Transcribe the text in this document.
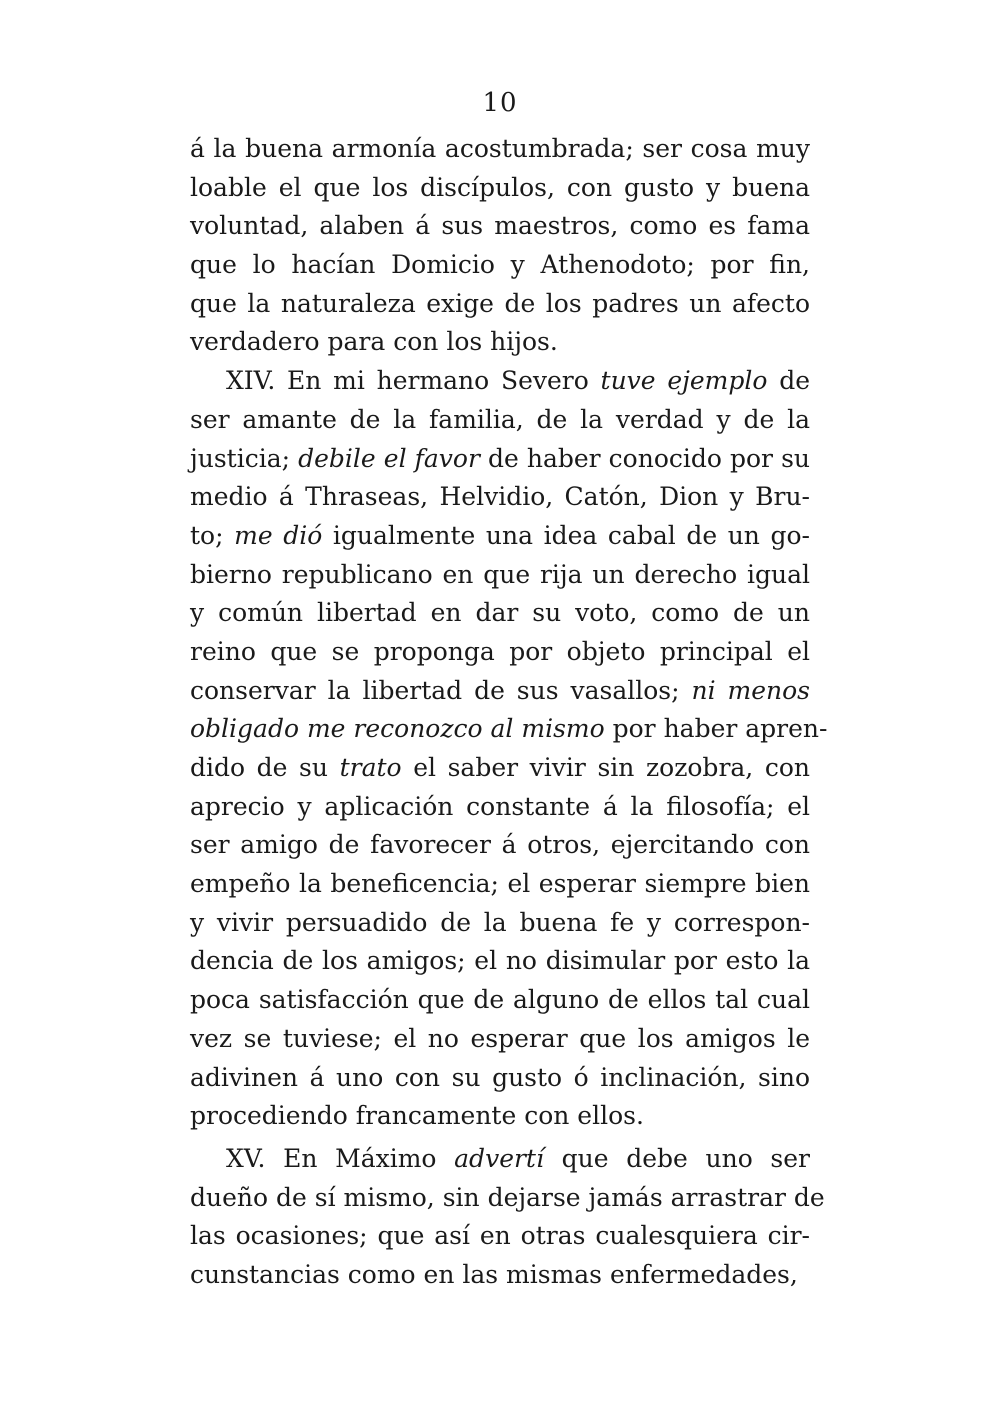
10
á la buena armonía acostumbrada; ser cosa muy
loable el que los discípulos, con gusto y buena
voluntad, alaben á sus maestros, como es fama
que lo hacían Domicio y Athenodoto; por fin,
que la naturaleza exige de los padres un afecto
verdadero para con los hijos.
XIV. En mi hermano Severo tuve ejemplo de
ser amante de la familia, de la verdad y de la
justicia; debile el favor de haber conocido por su
medio á Thraseas, Helvidio, Catón, Dion y Bru-
to; me dió igualmente una idea cabal de un go-
bierno republicano en que rija un derecho igual
y común libertad en dar su voto, como de un
reino que se proponga por objeto principal el
conservar la libertad de sus vasallos; ni menos
obligado me reconozco al mismo por haber apren-
dido de su trato el saber vivir sin zozobra, con
aprecio y aplicación constante á la filosofía; el
ser amigo de favorecer á otros, ejercitando con
empeño la beneficencia; el esperar siempre bien
y vivir persuadido de la buena fe y correspon-
dencia de los amigos; el no disimular por esto la
poca satisfacción que de alguno de ellos tal cual
vez se tuviese; el no esperar que los amigos le
adivinen á uno con su gusto ó inclinación, sino
procediendo francamente con ellos.
XV. En Máximo advertí que debe uno ser
dueño de sí mismo, sin dejarse jamás arrastrar de
las ocasiones; que así en otras cualesquiera cir-
cunstancias como en las mismas enfermedades,
